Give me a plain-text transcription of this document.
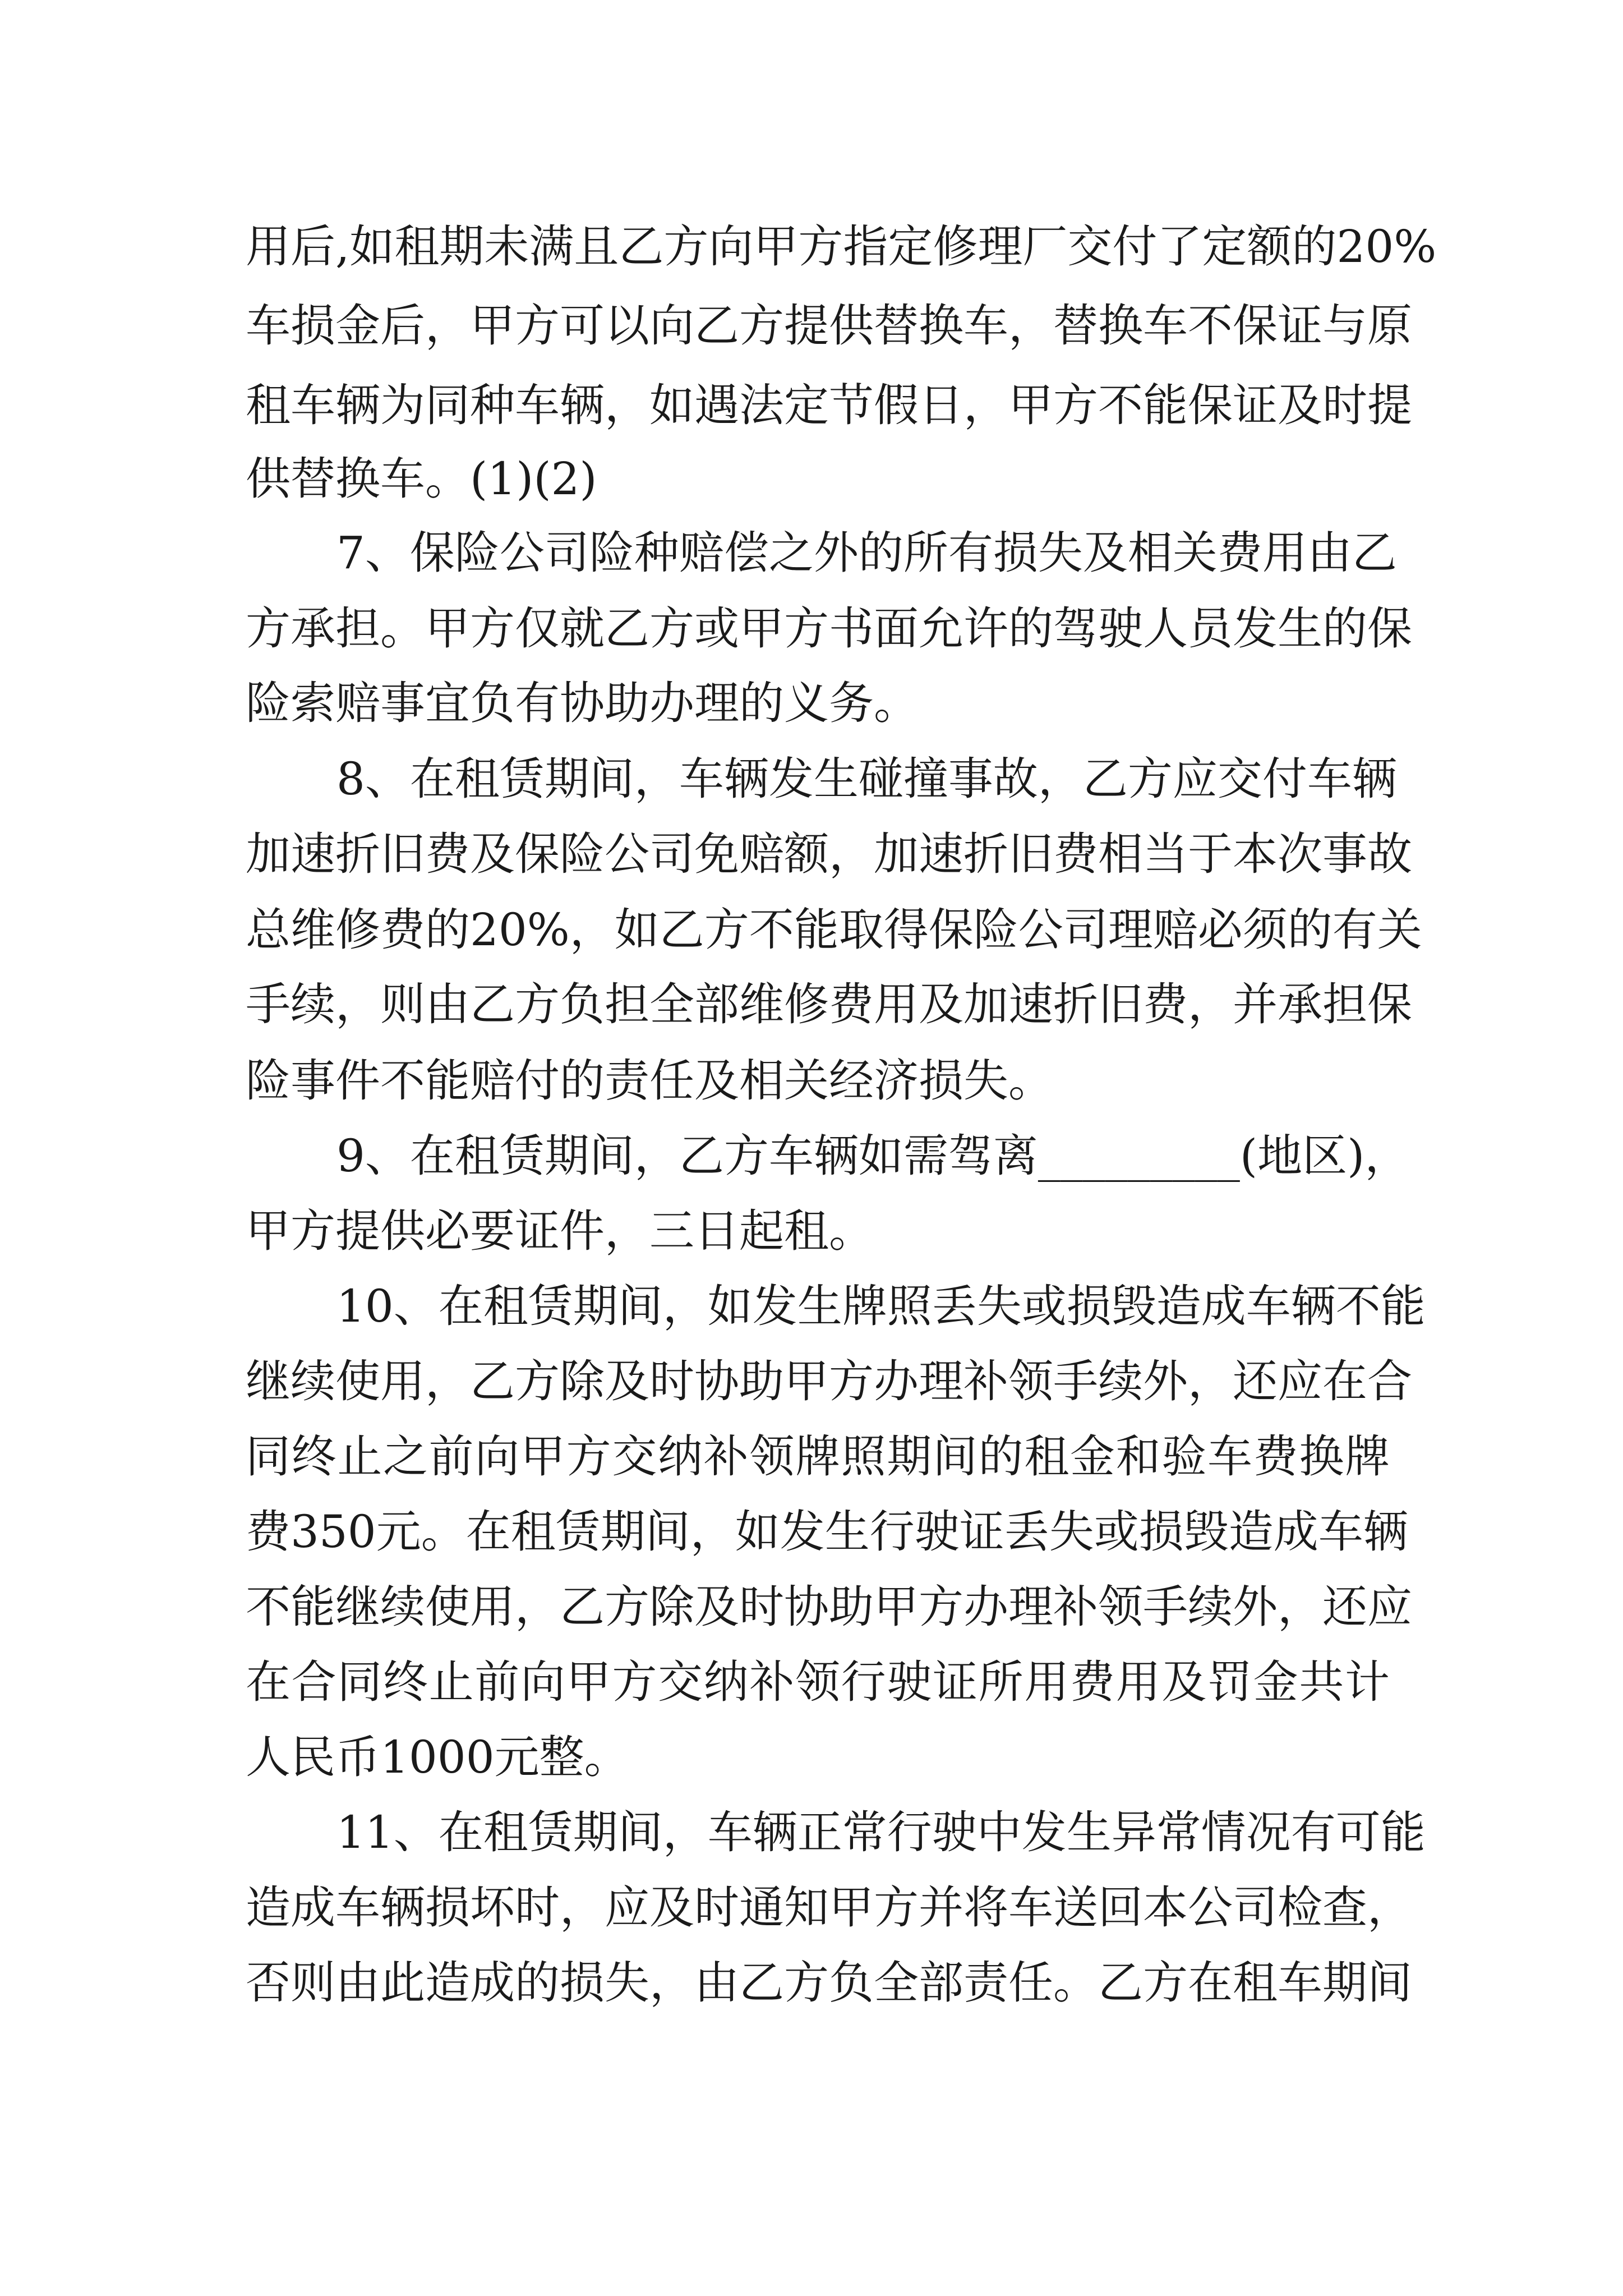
用后,如租期未满且乙方向甲方指定修理厂交付了定额的20%

车损金后，甲方可以向乙方提供替换车，替换车不保证与原

租车辆为同种车辆，如遇法定节假日，甲方不能保证及时提

供替换车。(1)(2)

7、保险公司险种赔偿之外的所有损失及相关费用由乙

方承担。甲方仅就乙方或甲方书面允许的驾驶人员发生的保

险索赔事宜负有协助办理的义务。

8、在租赁期间，车辆发生碰撞事故，乙方应交付车辆

加速折旧费及保险公司免赔额，加速折旧费相当于本次事故

总维修费的20%，如乙方不能取得保险公司理赔必须的有关

手续，则由乙方负担全部维修费用及加速折旧费，并承担保

险事件不能赔付的责任及相关经济损失。

9、在租赁期间，乙方车辆如需驾离_________(地区)，

甲方提供必要证件，三日起租。

10、在租赁期间，如发生牌照丢失或损毁造成车辆不能

继续使用，乙方除及时协助甲方办理补领手续外，还应在合

同终止之前向甲方交纳补领牌照期间的租金和验车费换牌

费350元。在租赁期间，如发生行驶证丢失或损毁造成车辆

不能继续使用，乙方除及时协助甲方办理补领手续外，还应

在合同终止前向甲方交纳补领行驶证所用费用及罚金共计

人民币1000元整。

11、在租赁期间，车辆正常行驶中发生异常情况有可能

造成车辆损坏时，应及时通知甲方并将车送回本公司检查，

否则由此造成的损失，由乙方负全部责任。乙方在租车期间
